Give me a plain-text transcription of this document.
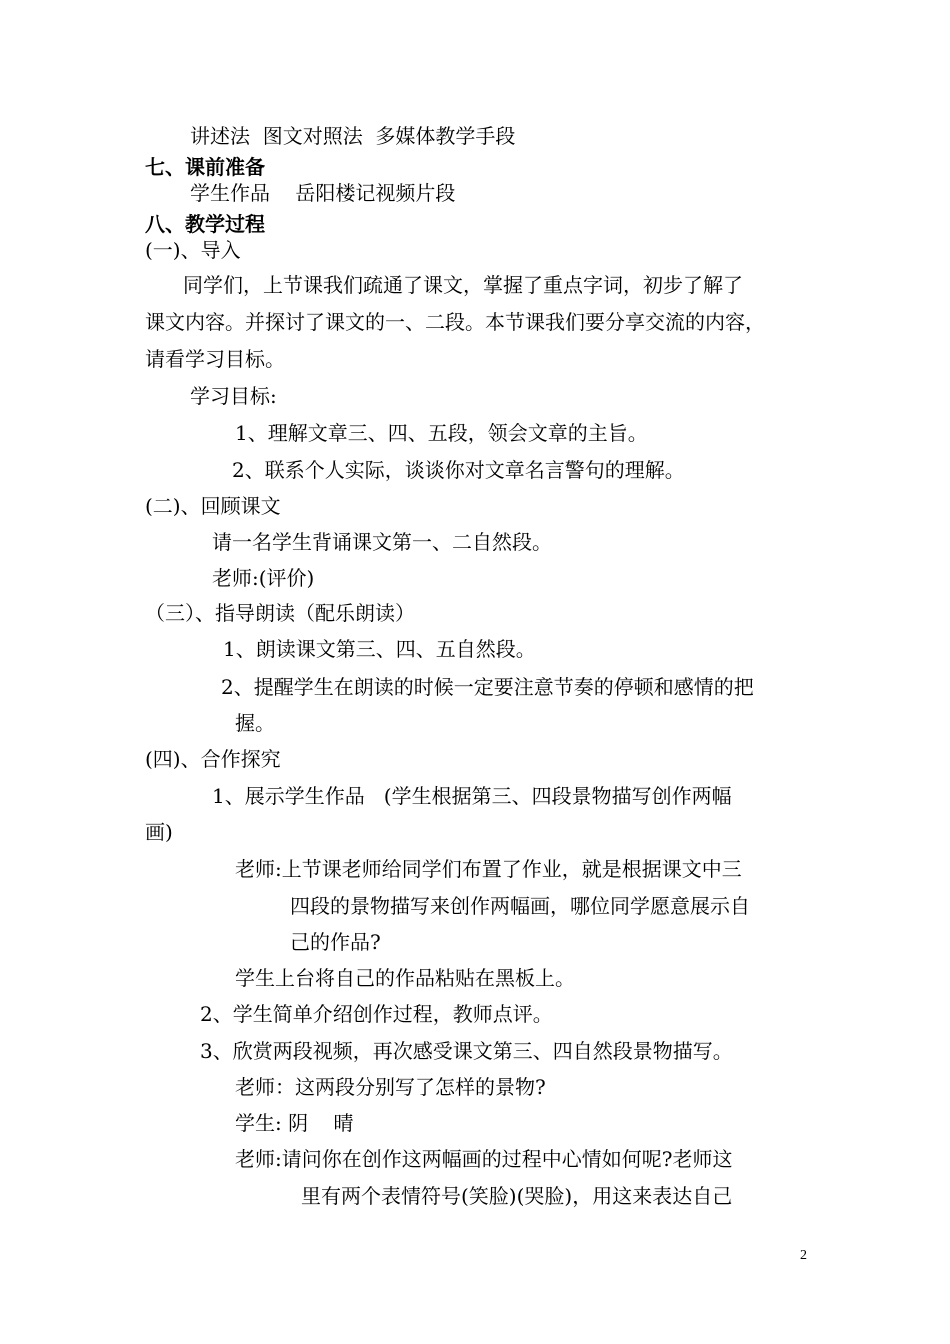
讲述法  图文对照法  多媒体教学手段
七、课前准备
学生作品    岳阳楼记视频片段
八、教学过程
(一)、导入
同学们，上节课我们疏通了课文，掌握了重点字词，初步了解了
课文内容。并探讨了课文的一、二段。本节课我们要分享交流的内容，
请看学习目标。
学习目标:
1、理解文章三、四、五段，领会文章的主旨。
2、联系个人实际，谈谈你对文章名言警句的理解。
(二)、回顾课文
请一名学生背诵课文第一、二自然段。
老师:(评价)
（三）、指导朗读（配乐朗读）
1、朗读课文第三、四、五自然段。
2、提醒学生在朗读的时候一定要注意节奏的停顿和感情的把
握。
(四)、合作探究
1、展示学生作品   (学生根据第三、四段景物描写创作两幅
画)
老师:上节课老师给同学们布置了作业，就是根据课文中三
四段的景物描写来创作两幅画，哪位同学愿意展示自
己的作品?
学生上台将自己的作品粘贴在黑板上。
2、学生简单介绍创作过程，教师点评。
3、欣赏两段视频，再次感受课文第三、四自然段景物描写。
老师：这两段分别写了怎样的景物?
学生: 阴    晴
老师:请问你在创作这两幅画的过程中心情如何呢?老师这
里有两个表情符号(笑脸)(哭脸)，用这来表达自己
2
